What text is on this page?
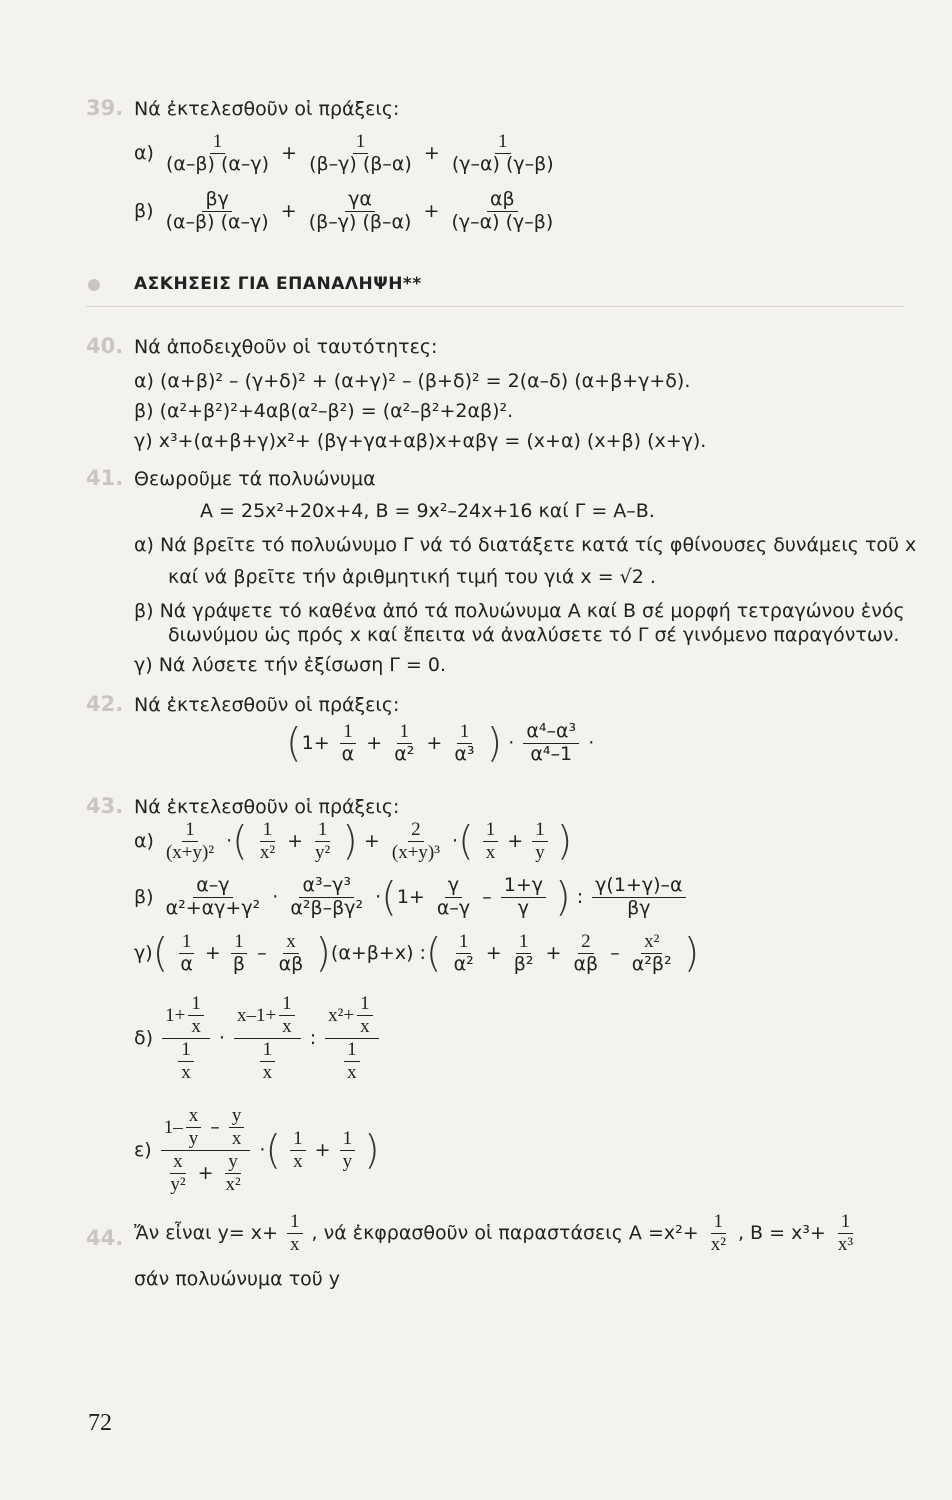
39. Νά ἐκτελεσθοῦν οἱ πράξεις:
$\alpha) \frac{1}{(\alpha-\beta) (\alpha-\gamma)} + \frac{1}{(\beta-\gamma) (\beta-\alpha)} + \frac{1}{(\gamma-\alpha) (\gamma-\beta)}$
$\beta) \frac{\beta\gamma}{(\alpha-\beta) (\alpha-\gamma)} + \frac{\gamma\alpha}{(\beta-\gamma) (\beta-\alpha)} + \frac{\alpha\beta}{(\gamma-\alpha) (\gamma-\beta)}$
ΑΣΚΗΣΕΙΣ ΓΙΑ ΕΠΑΝΑΛΗΨΗ**
40. Νά ἀποδειχθοῦν οἱ ταυτότητες:
α) (α+β)² – (γ+δ)² + (α+γ)² – (β+δ)² = 2(α–δ) (α+β+γ+δ).
β) (α²+β²)²+4αβ(α²–β²) = (α²–β²+2αβ)².
γ) x³+(α+β+γ)x²+ (βγ+γα+αβ)x+αβγ = (x+α) (x+β) (x+γ).
41. Θεωροῦμε τά πολυώνυμα
Α = 25x²+20x+4, Β = 9x²–24x+16 καί Γ = Α–Β.
α) Νά βρεῖτε τό πολυώνυμο Γ νά τό διατάξετε κατά τίς φθίνουσες δυνάμεις τοῦ x
καί νά βρεῖτε τήν ἀριθμητική τιμή του γιά x = √2 .
β) Νά γράψετε τό καθένα ἀπό τά πολυώνυμα Α καί Β σέ μορφή τετραγώνου ἑνός
διωνύμου ὡς πρός x καί ἔπειτα νά ἀναλύσετε τό Γ σέ γινόμενο παραγόντων.
γ) Νά λύσετε τήν ἐξίσωση Γ = 0.
42. Νά ἐκτελεσθοῦν οἱ πράξεις:
($1+ \frac{1}{\alpha} + \frac{1}{\text{α²}} + \frac{1}{\text{α³}}$ ) · $\frac{\text{α⁴–α³}}{\text{α⁴–1}}$ ·
43. Νά ἐκτελεσθοῦν οἱ πράξεις:
$\alpha) \frac{1}{\text{(x+y)²}}$ ·( $\frac{1}{\text{x²}} + \frac{1}{\text{y²}}$ ) + $\frac{2}{\text{(x+y)³}}$ ·( $\frac{1}{x} + \frac{1}{y}$ )
$\beta) \frac{\alpha-\gamma}{\text{α²+αγ+γ²}} \cdot \frac{\text{α³–γ³}}{\text{α²β–βγ²}} \cdot(1+ \frac{\gamma}{\alpha-\gamma} - \frac{1+\gamma}{\gamma}$ ) : $\frac{\gamma(1+\gamma)-\alpha}{\beta\gamma}$
$\gamma)( \frac{1}{\alpha} + \frac{1}{\beta} - \frac{x}{\alpha\beta} )(\alpha+\beta+x)$ :( $\frac{1}{\text{α²}} + \frac{1}{\text{β²}} + \frac{2}{\alpha\beta} - \frac{\text{x²}}{\text{α²β²}}$ )
$\delta) \frac{1+ \frac{1}{x}}{\frac{1}{x}} \cdot \frac{x-1+ \frac{1}{x}}{\frac{1}{x}}$ : $\frac{x^2+ \frac{1}{x}}{\frac{1}{x}}$
$\varepsilon) \frac{1- \frac{x}{y} - \frac{y}{x}}{\frac{x}{\text{y²}} + \frac{y}{\text{x²}}}$ ·( $\frac{1}{x} + \frac{1}{y}$ )
44. Ἄν εἶναι $y= x+ \frac{1}{x}$ , νά ἐκφρασθοῦν οἱ παραστάσεις $A =x^2+ \frac{1}{\text{x²}}$ , $B = x^3+ \frac{1}{\text{x³}}$
σάν πολυώνυμα τοῦ y
72
